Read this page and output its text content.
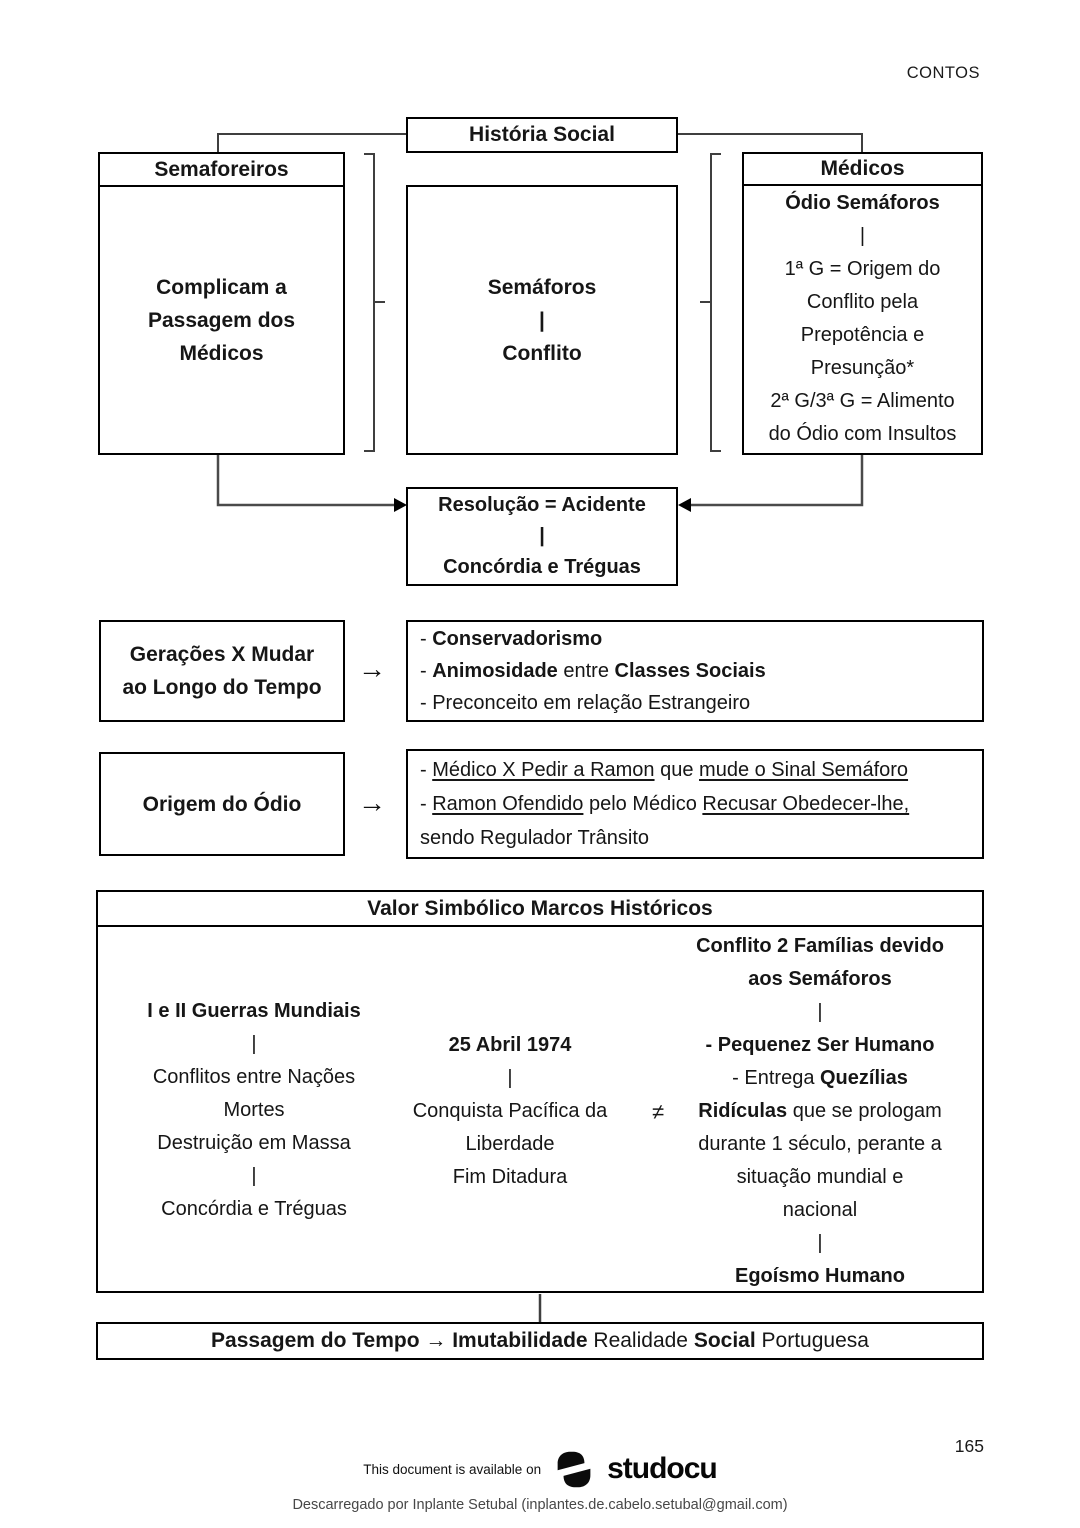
CONTOS
História Social
Semaforeiros
Complicam a
Passagem dos
Médicos
Semáforos
|
Conflito
Médicos
Ódio Semáforos
|
1ª G = Origem do
Conflito pela
Prepotência e
Presunção*
2ª G/3ª G = Alimento
do Ódio com Insultos
Resolução = Acidente
|
Concórdia e Tréguas
Gerações X Mudar
ao Longo do Tempo
→
- Conservadorismo
- Animosidade entre Classes Sociais
- Preconceito em relação Estrangeiro
Origem do Ódio →
- Médico X Pedir a Ramon que mude o Sinal Semáforo
- Ramon Ofendido pelo Médico Recusar Obedecer-lhe,
sendo Regulador Trânsito
Valor Simbólico Marcos Históricos
I e II Guerras Mundiais
|
Conflitos entre Nações
Mortes
Destruição em Massa
|
Concórdia e Tréguas
25 Abril 1974
|
Conquista Pacífica da
Liberdade
Fim Ditadura
≠
Conflito 2 Famílias devido
aos Semáforos
|
- Pequenez Ser Humano
- Entrega Quezílias
Ridículas que se prologam
durante 1 século, perante a
situação mundial e
nacional
|
Egoísmo Humano
Passagem do Tempo → Imutabilidade Realidade Social Portuguesa
165
This document is available on studocu
Descarregado por Inplante Setubal (inplantes.de.cabelo.setubal@gmail.com)
